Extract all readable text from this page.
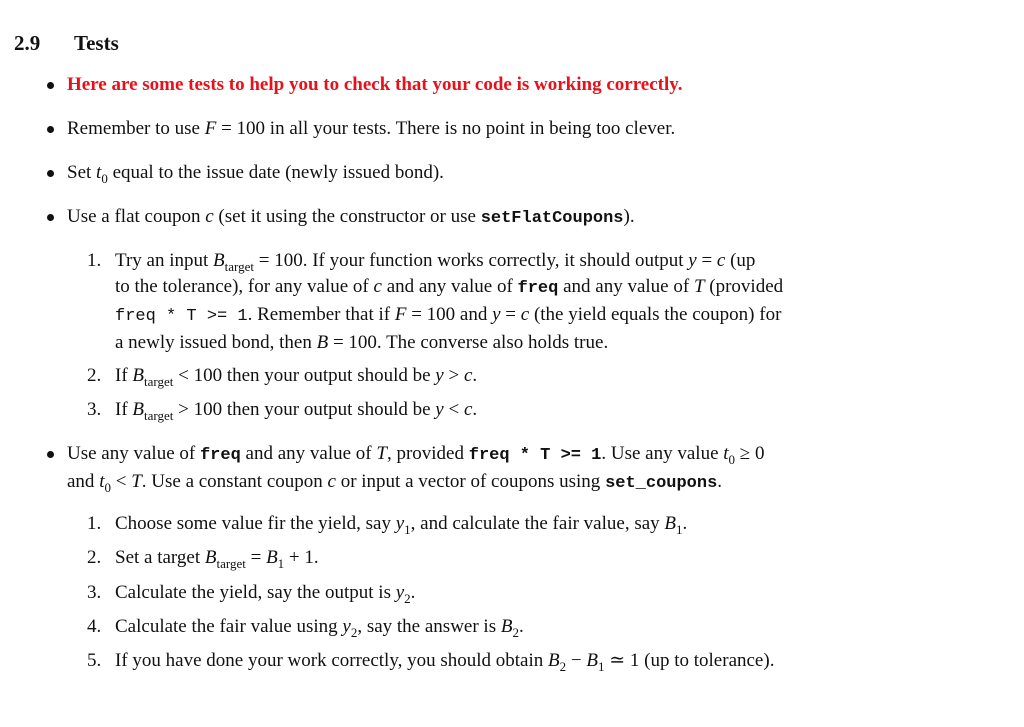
2.9 Tests
Here are some tests to help you to check that your code is working correctly.
Remember to use F = 100 in all your tests. There is no point in being too clever.
Set $t_0$ equal to the issue date (newly issued bond).
Use a flat coupon c (set it using the constructor or use setFlatCoupons).
1. Try an input $B_{target} = 100$. If your function works correctly, it should output y = c (up
to the tolerance), for any value of c and any value of freq and any value of T (provided
freq * T >= 1. Remember that if F = 100 and y = c (the yield equals the coupon) for
a newly issued bond, then B = 100. The converse also holds true.
2. If $B_{target} < 100$ then your output should be y > c.
3. If $B_{target} > 100$ then your output should be y < c.
Use any value of freq and any value of T, provided freq * T >= 1. Use any value $t_0 \ge 0$
and $t_0 < T$. Use a constant coupon c or input a vector of coupons using set_coupons.
1. Choose some value fir the yield, say $y_1$, and calculate the fair value, say $B_1$.
2. Set a target $B_{target} = B_1 + 1$.
3. Calculate the yield, say the output is $y_2$.
4. Calculate the fair value using $y_2$, say the answer is $B_2$.
5. If you have done your work correctly, you should obtain $B_2 - B_1$ ≃ 1 (up to tolerance).
